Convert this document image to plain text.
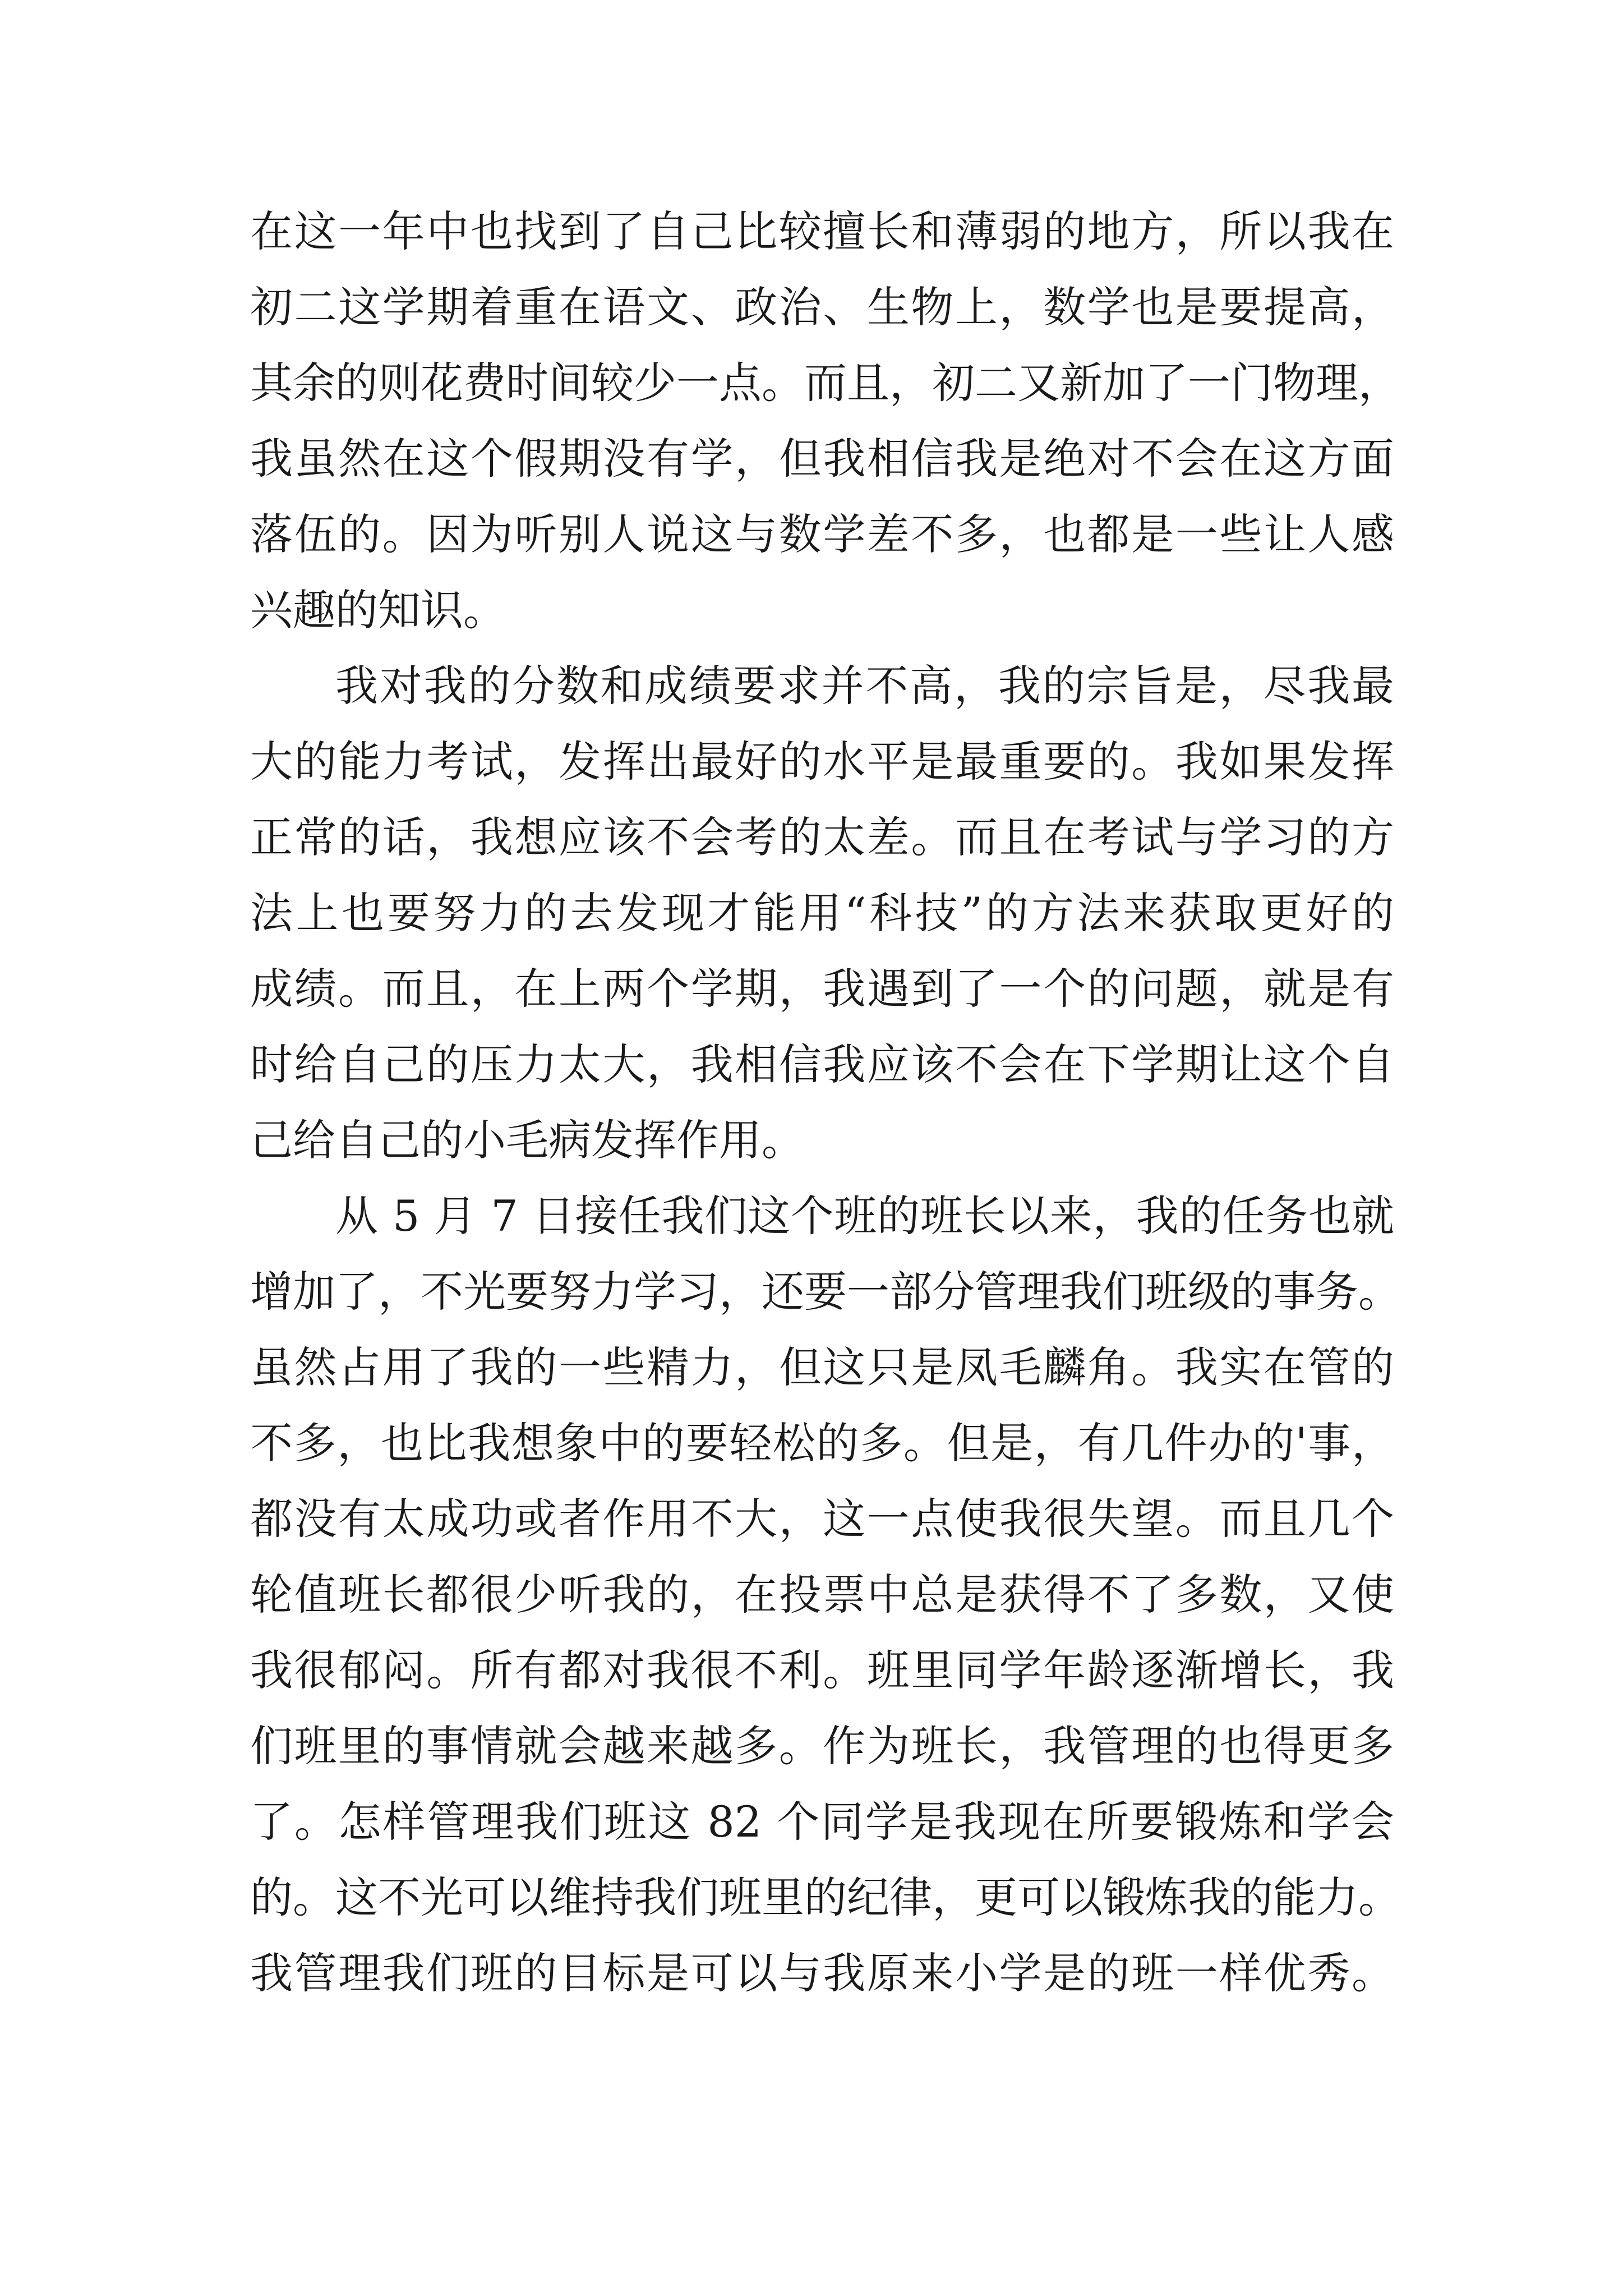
在这一年中也找到了自己比较擅长和薄弱的地方，所以我在
初二这学期着重在语文、政治、生物上，数学也是要提高，
其余的则花费时间较少一点。而且，初二又新加了一门物理，
我虽然在这个假期没有学，但我相信我是绝对不会在这方面
落伍的。因为听别人说这与数学差不多，也都是一些让人感
兴趣的知识。
我对我的分数和成绩要求并不高，我的宗旨是，尽我最
大的能力考试，发挥出最好的水平是最重要的。我如果发挥
正常的话，我想应该不会考的太差。而且在考试与学习的方
法上也要努力的去发现才能用“科技”的方法来获取更好的
成绩。而且，在上两个学期，我遇到了一个的问题，就是有
时给自己的压力太大，我相信我应该不会在下学期让这个自
己给自己的小毛病发挥作用。
从 5 月 7 日接任我们这个班的班长以来，我的任务也就
增加了，不光要努力学习，还要一部分管理我们班级的事务。
虽然占用了我的一些精力，但这只是凤毛麟角。我实在管的
不多，也比我想象中的要轻松的多。但是，有几件办的'事，
都没有太成功或者作用不大，这一点使我很失望。而且几个
轮值班长都很少听我的，在投票中总是获得不了多数，又使
我很郁闷。所有都对我很不利。班里同学年龄逐渐增长，我
们班里的事情就会越来越多。作为班长，我管理的也得更多
了。怎样管理我们班这 82 个同学是我现在所要锻炼和学会
的。这不光可以维持我们班里的纪律，更可以锻炼我的能力。
我管理我们班的目标是可以与我原来小学是的班一样优秀。
